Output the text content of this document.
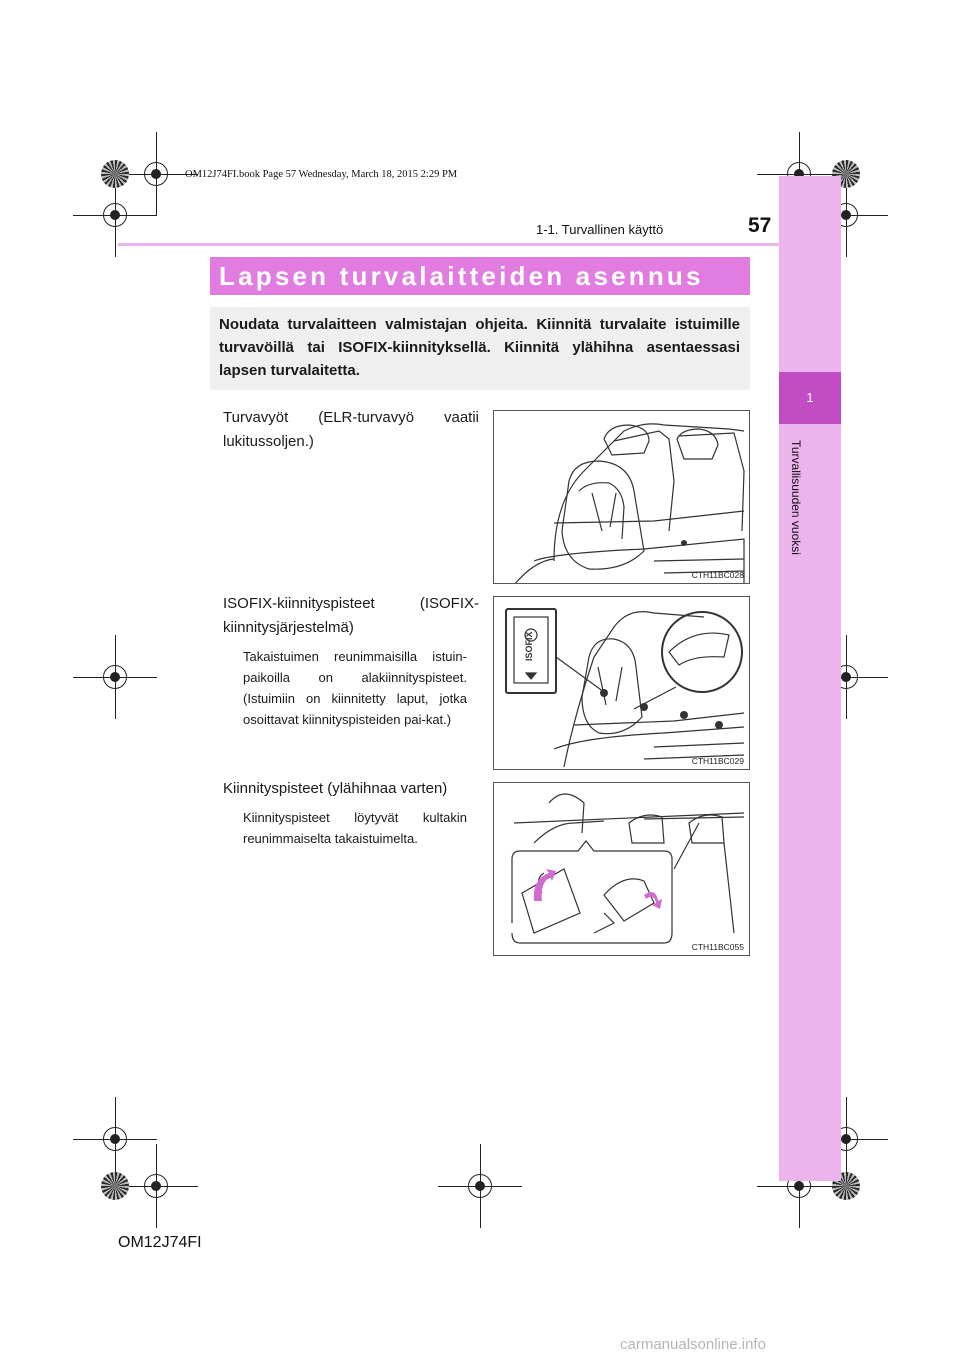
1
Turvallisuuden vuoksi
OM12J74FI.book Page 57 Wednesday, March 18, 2015 2:29 PM
1-1. Turvallinen käyttö	57
Lapsen turvalaitteiden asennus
Noudata turvalaitteen valmistajan ohjeita. Kiinnitä turvalaite istuimille turvavöillä tai ISOFIX-kiinnityksellä. Kiinnitä ylähihna asentaessasi lapsen turvalaitetta.
Turvavyöt (ELR-turvavyö vaatii lukitussoljen.)
CTH11BC028
ISOFIX-kiinnityspisteet (ISOFIX-kiinnitysjärjestelmä)
Takaistuimen reunimmaisilla istuin-paikoilla on alakiinnityspisteet. (Istuimiin on kiinnitetty laput, jotka osoittavat kiinnityspisteiden pai-kat.)
ISOFIX
CTH11BC029
Kiinnityspisteet (ylähihnaa varten)
Kiinnityspisteet löytyvät kultakin reunimmaiselta takaistuimelta.
CTH11BC055
OM12J74FI
carmanualsonline.info
